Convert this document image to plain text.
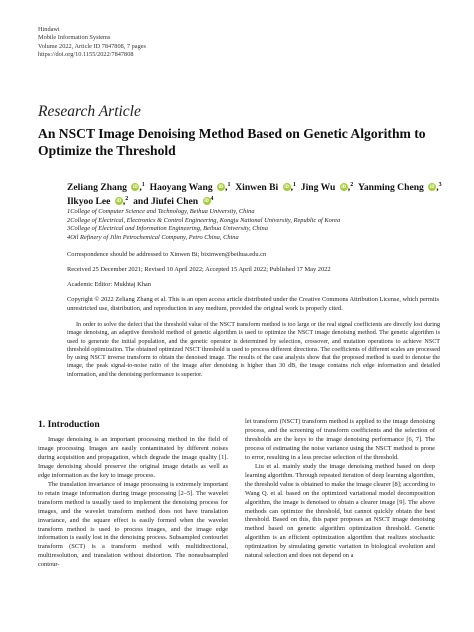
Hindawi
Mobile Information Systems
Volume 2022, Article ID 7847808, 7 pages
https://doi.org/10.1155/2022/7847808
Research Article
An NSCT Image Denoising Method Based on Genetic Algorithm to Optimize the Threshold
Zeliang Zhang iD ,$^1$ Haoyang Wang iD ,$^1$ Xinwen Bi iD ,$^1$ Jing Wu iD ,$^2$ Yanming Cheng iD ,$^3$
Ilkyoo Lee iD ,$^2$ and Jiufei Chen iD $^4$
1College of Computer Science and Technology, Beihua University, China
2College of Electrical, Electronics & Control Engineering, Kongju National University, Republic of Korea
3College of Electrical and Information Engineering, Beihua University, China
4Oil Refinery of Jilin Petrochemical Company, Petro China, China
Correspondence should be addressed to Xinwen Bi; bixinwen@beihua.edu.cn
Received 25 December 2021; Revised 10 April 2022; Accepted 15 April 2022; Published 17 May 2022
Academic Editor: Mukhtaj Khan
Copyright © 2022 Zeliang Zhang et al. This is an open access article distributed under the Creative Commons Attribution License, which permits unrestricted use, distribution, and reproduction in any medium, provided the original work is properly cited.
In order to solve the defect that the threshold value of the NSCT transform method is too large or the real signal coefficients are directly lost during image denoising, an adaptive threshold method of genetic algorithm is used to optimize the NSCT image denoising method. The genetic algorithm is used to generate the initial population, and the genetic operator is determined by selection, crossover, and mutation operations to achieve NSCT threshold optimization. The obtained optimized NSCT threshold is used to process different directions. The coefficients of different scales are processed by using NSCT inverse transform to obtain the denoised image. The results of the case analysis show that the proposed method is used to denoise the image, the peak signal-to-noise ratio of the image after denoising is higher than 30 dB, the image contains rich edge information and detailed information, and the denoising performance is superior.
1. Introduction

Image denoising is an important processing method in the field of image processing. Images are easily contaminated by different noises during acquisition and propagation, which degrade the image quality [1]. Image denoising should preserve the original image details as well as edge information as the key to image process.

The translation invariance of image processing is extremely important to retain image information during image processing [2–5]. The wavelet transform method is usually used to implement the denoising process for images, and the wavelet transform method does not have translation invariance, and the square effect is easily formed when the wavelet transform method is used to process images, and the image edge information is easily lost in the denoising process. Subsampled contourlet transform (SCT) is a transform method with multidirectional, multiresolution, and translation without distortion. The nonsubsampled contour-

let transform (NSCT) transform method is applied to the image denoising process, and the screening of transform coefficients and the selection of thresholds are the keys to the image denoising performance [6, 7]. The process of estimating the noise variance using the NSCT method is prone to error, resulting in a less precise selection of the threshold.

Liu et al. mainly study the image denoising method based on deep learning algorithm. Through repeated iteration of deep learning algorithm, the threshold value is obtained to make the image clearer [8]; according to Wang Q. et al. based on the optimized variational model decomposition algorithm, the image is denoised to obtain a clearer image [9]. The above methods can optimize the threshold, but cannot quickly obtain the best threshold. Based on this, this paper proposes an NSCT image denoising method based on genetic algorithm optimization threshold. Genetic algorithm is an efficient optimization algorithm that realizes stochastic optimization by simulating genetic variation in biological evolution and natural selection and does not depend on a
